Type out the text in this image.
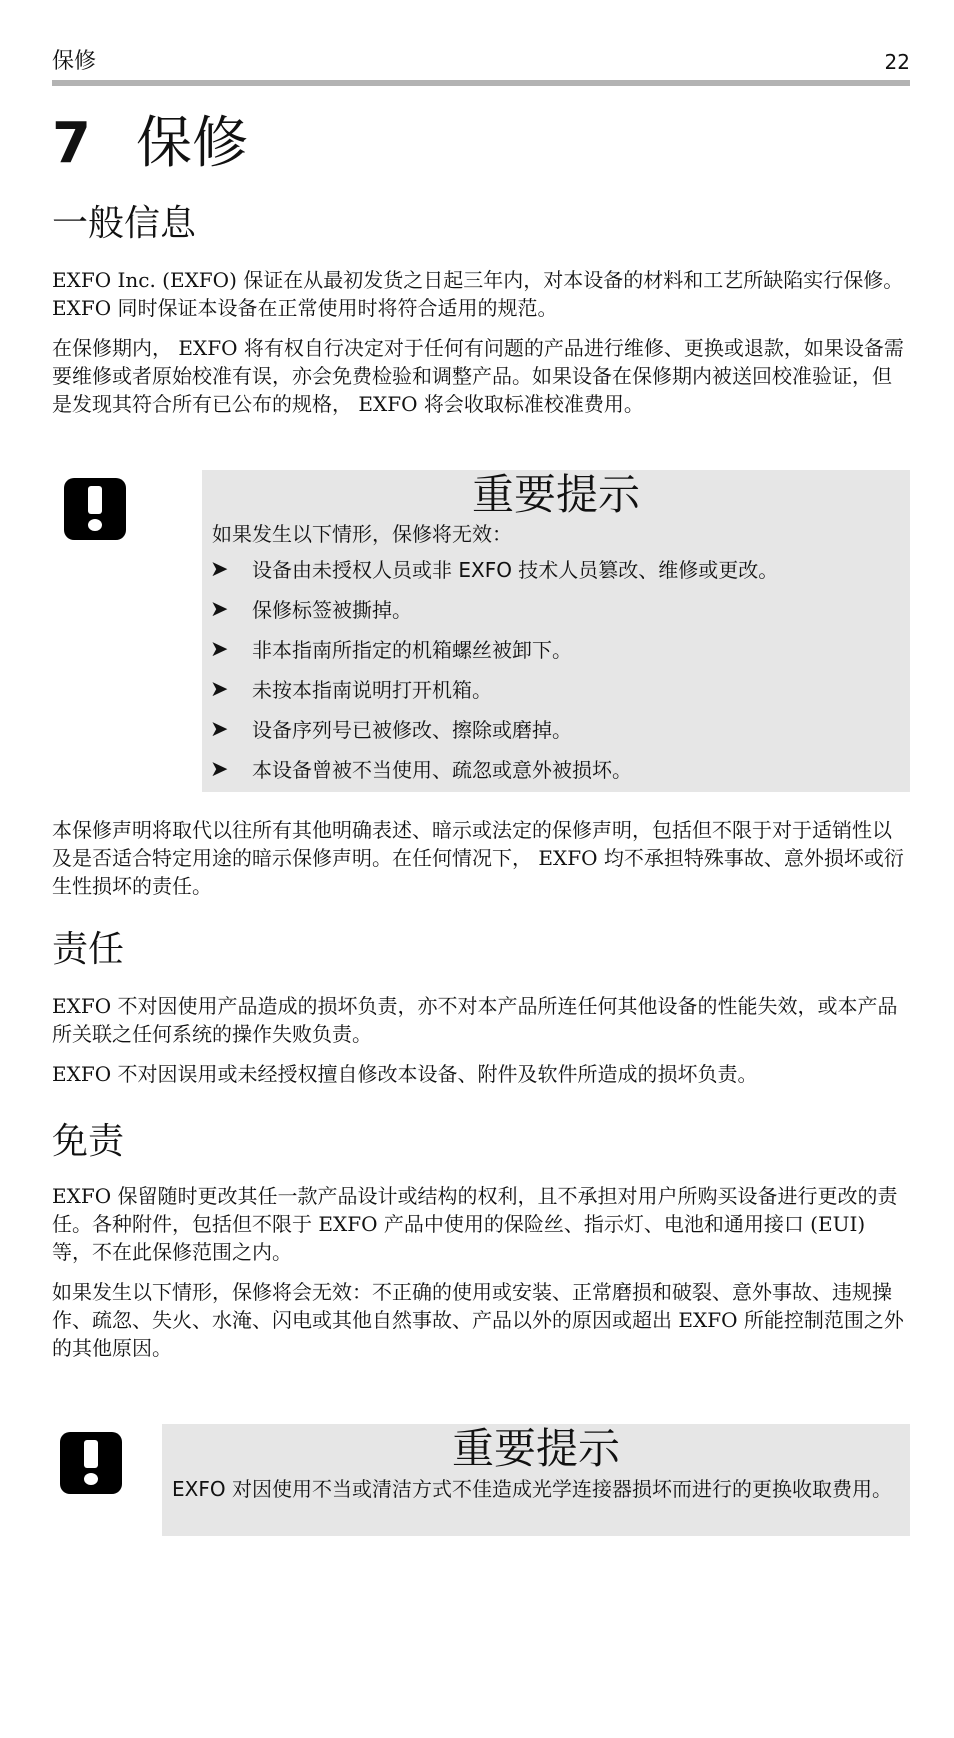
保修	22
7 保修
一般信息

EXFO Inc. (EXFO) 保证在从最初发货之日起三年内，对本设备的材料和工艺所缺陷实行保修。 EXFO 同时保证本设备在正常使用时将符合适用的规范。

在保修期内， EXFO 将有权自行决定对于任何有问题的产品进行维修、更换或退款，如果设备需要维修或者原始校准有误，亦会免费检验和调整产品。如果设备在保修期内被送回校准验证，但是发现其符合所有已公布的规格， EXFO 将会收取标准校准费用。

重要提示
如果发生以下情形，保修将无效：
➤ 设备由未授权人员或非 EXFO 技术人员篡改、维修或更改。
➤ 保修标签被撕掉。
➤ 非本指南所指定的机箱螺丝被卸下。
➤ 未按本指南说明打开机箱。
➤ 设备序列号已被修改、擦除或磨掉。
➤ 本设备曾被不当使用、疏忽或意外被损坏。

本保修声明将取代以往所有其他明确表述、暗示或法定的保修声明，包括但不限于对于适销性以及是否适合特定用途的暗示保修声明。在任何情况下， EXFO 均不承担特殊事故、意外损坏或衍生性损坏的责任。

责任

EXFO 不对因使用产品造成的损坏负责，亦不对本产品所连任何其他设备的性能失效，或本产品所关联之任何系统的操作失败负责。

EXFO 不对因误用或未经授权擅自修改本设备、附件及软件所造成的损坏负责。

免责

EXFO 保留随时更改其任一款产品设计或结构的权利，且不承担对用户所购买设备进行更改的责任。各种附件，包括但不限于 EXFO 产品中使用的保险丝、指示灯、电池和通用接口 (EUI) 等，不在此保修范围之内。

如果发生以下情形，保修将会无效：不正确的使用或安装、正常磨损和破裂、意外事故、违规操作、疏忽、失火、水淹、闪电或其他自然事故、产品以外的原因或超出 EXFO 所能控制范围之外的其他原因。

重要提示

EXFO 对因使用不当或清洁方式不佳造成光学连接器损坏而进行的更换收取费用。
